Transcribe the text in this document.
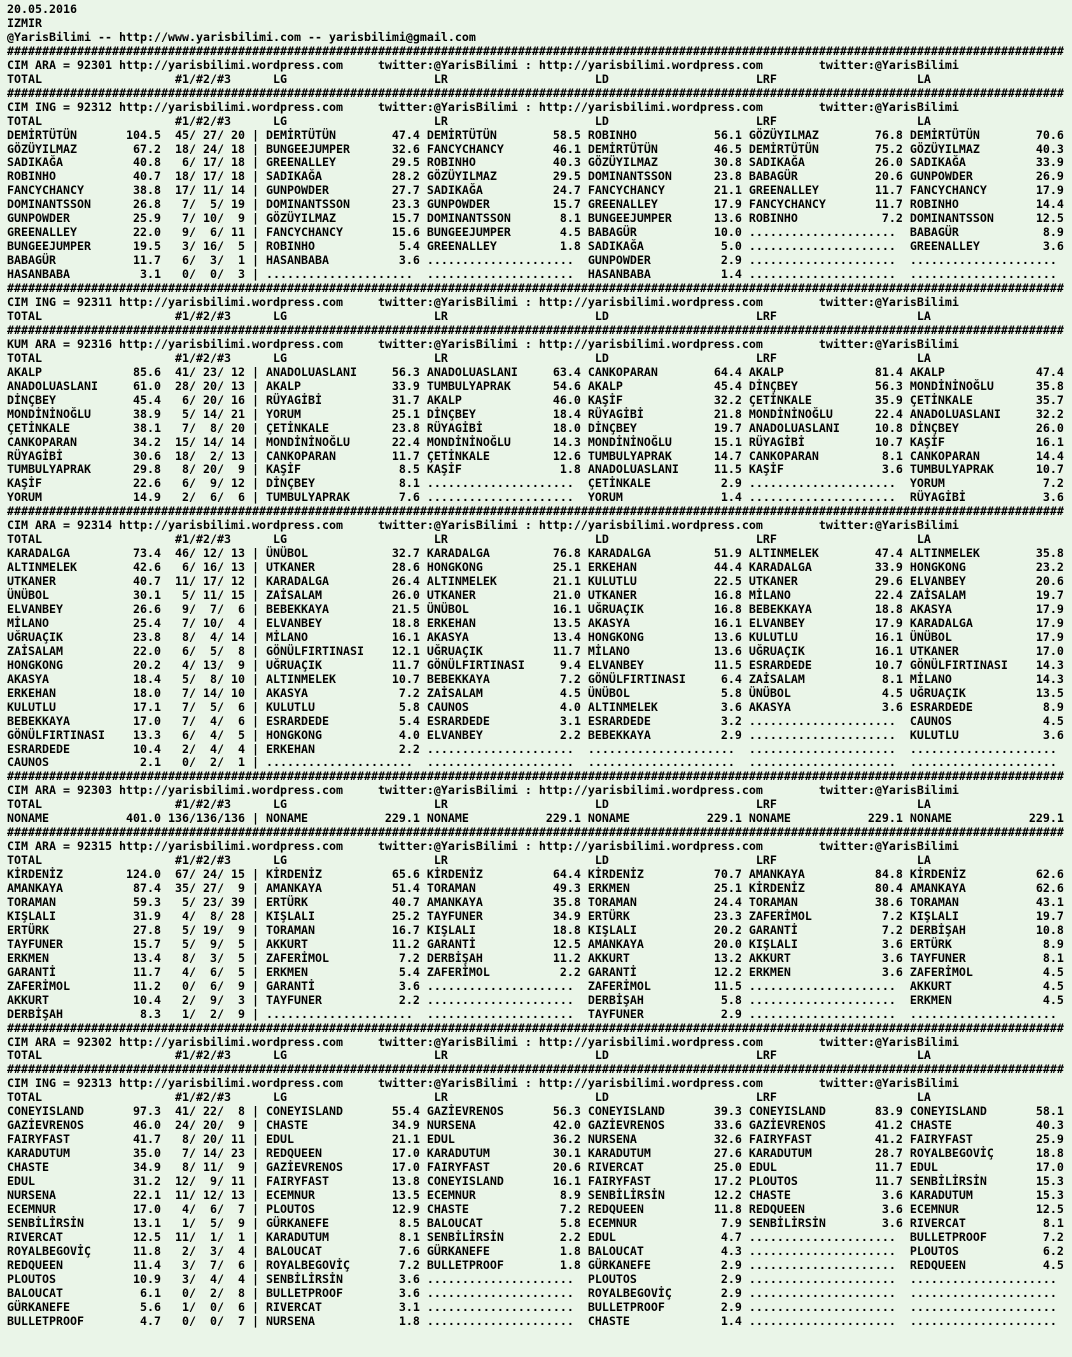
20.05.2016
IZMIR
@YarisBilimi -- http://www.yarisbilimi.com -- yarisbilimi@gmail.com
#######################################################################################################################################################
CIM ARA = 92301 http://yarisbilimi.wordpress.com     twitter:@YarisBilimi : http://yarisbilimi.wordpress.com        twitter:@YarisBilimi
TOTAL                   #1/#2/#3      LG                     LR                     LD                     LRF                    LA
#######################################################################################################################################################
CIM ING = 92312 http://yarisbilimi.wordpress.com     twitter:@YarisBilimi : http://yarisbilimi.wordpress.com        twitter:@YarisBilimi
TOTAL                   #1/#2/#3      LG                     LR                     LD                     LRF                    LA
DEMİRTÜTÜN       104.5  45/ 27/ 20 | DEMİRTÜTÜN        47.4 DEMİRTÜTÜN        58.5 ROBINHO           56.1 GÖZÜYILMAZ        76.8 DEMİRTÜTÜN        70.6
GÖZÜYILMAZ        67.2  18/ 24/ 18 | BUNGEEJUMPER      32.6 FANCYCHANCY       46.1 DEMİRTÜTÜN        46.5 DEMİRTÜTÜN        75.2 GÖZÜYILMAZ        40.3
SADIKAĞA          40.8   6/ 17/ 18 | GREENALLEY        29.5 ROBINHO           40.3 GÖZÜYILMAZ        30.8 SADIKAĞA          26.0 SADIKAĞA          33.9
ROBINHO           40.7  18/ 17/ 18 | SADIKAĞA          28.2 GÖZÜYILMAZ        29.5 DOMINANTSSON      23.8 BABAGÜR           20.6 GUNPOWDER         26.9
FANCYCHANCY       38.8  17/ 11/ 14 | GUNPOWDER         27.7 SADIKAĞA          24.7 FANCYCHANCY       21.1 GREENALLEY        11.7 FANCYCHANCY       17.9
DOMINANTSSON      26.8   7/  5/ 19 | DOMINANTSSON      23.3 GUNPOWDER         15.7 GREENALLEY        17.9 FANCYCHANCY       11.7 ROBINHO           14.4
GUNPOWDER         25.9   7/ 10/  9 | GÖZÜYILMAZ        15.7 DOMINANTSSON       8.1 BUNGEEJUMPER      13.6 ROBINHO            7.2 DOMINANTSSON      12.5
GREENALLEY        22.0   9/  6/ 11 | FANCYCHANCY       15.6 BUNGEEJUMPER       4.5 BABAGÜR           10.0 .....................  BABAGÜR            8.9
BUNGEEJUMPER      19.5   3/ 16/  5 | ROBINHO            5.4 GREENALLEY         1.8 SADIKAĞA           5.0 .....................  GREENALLEY         3.6
BABAGÜR           11.7   6/  3/  1 | HASANBABA          3.6 .....................  GUNPOWDER          2.9 .....................  .....................
HASANBABA          3.1   0/  0/  3 | .....................  .....................  HASANBABA          1.4 .....................  .....................
#######################################################################################################################################################
CIM ING = 92311 http://yarisbilimi.wordpress.com     twitter:@YarisBilimi : http://yarisbilimi.wordpress.com        twitter:@YarisBilimi
TOTAL                   #1/#2/#3      LG                     LR                     LD                     LRF                    LA
#######################################################################################################################################################
KUM ARA = 92316 http://yarisbilimi.wordpress.com     twitter:@YarisBilimi : http://yarisbilimi.wordpress.com        twitter:@YarisBilimi
TOTAL                   #1/#2/#3      LG                     LR                     LD                     LRF                    LA
AKALP             85.6  41/ 23/ 12 | ANADOLUASLANI     56.3 ANADOLUASLANI     63.4 CANKOPARAN        64.4 AKALP             81.4 AKALP             47.4
ANADOLUASLANI     61.0  28/ 20/ 13 | AKALP             33.9 TUMBULYAPRAK      54.6 AKALP             45.4 DİNÇBEY           56.3 MONDİNİNOĞLU      35.8
DİNÇBEY           45.4   6/ 20/ 16 | RÜYAGİBİ          31.7 AKALP             46.0 KAŞİF             32.2 ÇETİNKALE         35.9 ÇETİNKALE         35.7
MONDİNİNOĞLU      38.9   5/ 14/ 21 | YORUM             25.1 DİNÇBEY           18.4 RÜYAGİBİ          21.8 MONDİNİNOĞLU      22.4 ANADOLUASLANI     32.2
ÇETİNKALE         38.1   7/  8/ 20 | ÇETİNKALE         23.8 RÜYAGİBİ          18.0 DİNÇBEY           19.7 ANADOLUASLANI     10.8 DİNÇBEY           26.0
CANKOPARAN        34.2  15/ 14/ 14 | MONDİNİNOĞLU      22.4 MONDİNİNOĞLU      14.3 MONDİNİNOĞLU      15.1 RÜYAGİBİ          10.7 KAŞİF             16.1
RÜYAGİBİ          30.6  18/  2/ 13 | CANKOPARAN        11.7 ÇETİNKALE         12.6 TUMBULYAPRAK      14.7 CANKOPARAN         8.1 CANKOPARAN        14.4
TUMBULYAPRAK      29.8   8/ 20/  9 | KAŞİF              8.5 KAŞİF              1.8 ANADOLUASLANI     11.5 KAŞİF              3.6 TUMBULYAPRAK      10.7
KAŞİF             22.6   6/  9/ 12 | DİNÇBEY            8.1 .....................  ÇETİNKALE          2.9 .....................  YORUM              7.2
YORUM             14.9   2/  6/  6 | TUMBULYAPRAK       7.6 .....................  YORUM              1.4 .....................  RÜYAGİBİ           3.6
#######################################################################################################################################################
CIM ARA = 92314 http://yarisbilimi.wordpress.com     twitter:@YarisBilimi : http://yarisbilimi.wordpress.com        twitter:@YarisBilimi
TOTAL                   #1/#2/#3      LG                     LR                     LD                     LRF                    LA
KARADALGA         73.4  46/ 12/ 13 | ÜNÜBOL            32.7 KARADALGA         76.8 KARADALGA         51.9 ALTINMELEK        47.4 ALTINMELEK        35.8
ALTINMELEK        42.6   6/ 16/ 13 | UTKANER           28.6 HONGKONG          25.1 ERKEHAN           44.4 KARADALGA         33.9 HONGKONG          23.2
UTKANER           40.7  11/ 17/ 12 | KARADALGA         26.4 ALTINMELEK        21.1 KULUTLU           22.5 UTKANER           29.6 ELVANBEY          20.6
ÜNÜBOL            30.1   5/ 11/ 15 | ZAİSALAM          26.0 UTKANER           21.0 UTKANER           16.8 MİLANO            22.4 ZAİSALAM          19.7
ELVANBEY          26.6   9/  7/  6 | BEBEKKAYA         21.5 ÜNÜBOL            16.1 UĞRUAÇIK          16.8 BEBEKKAYA         18.8 AKASYA            17.9
MİLANO            25.4   7/ 10/  4 | ELVANBEY          18.8 ERKEHAN           13.5 AKASYA            16.1 ELVANBEY          17.9 KARADALGA         17.9
UĞRUAÇIK          23.8   8/  4/ 14 | MİLANO            16.1 AKASYA            13.4 HONGKONG          13.6 KULUTLU           16.1 ÜNÜBOL            17.9
ZAİSALAM          22.0   6/  5/  8 | GÖNÜLFIRTINASI    12.1 UĞRUAÇIK          11.7 MİLANO            13.6 UĞRUAÇIK          16.1 UTKANER           17.0
HONGKONG          20.2   4/ 13/  9 | UĞRUAÇIK          11.7 GÖNÜLFIRTINASI     9.4 ELVANBEY          11.5 ESRARDEDE         10.7 GÖNÜLFIRTINASI    14.3
AKASYA            18.4   5/  8/ 10 | ALTINMELEK        10.7 BEBEKKAYA          7.2 GÖNÜLFIRTINASI     6.4 ZAİSALAM           8.1 MİLANO            14.3
ERKEHAN           18.0   7/ 14/ 10 | AKASYA             7.2 ZAİSALAM           4.5 ÜNÜBOL             5.8 ÜNÜBOL             4.5 UĞRUAÇIK          13.5
KULUTLU           17.1   7/  5/  6 | KULUTLU            5.8 CAUNOS             4.0 ALTINMELEK         3.6 AKASYA             3.6 ESRARDEDE          8.9
BEBEKKAYA         17.0   7/  4/  6 | ESRARDEDE          5.4 ESRARDEDE          3.1 ESRARDEDE          3.2 .....................  CAUNOS             4.5
GÖNÜLFIRTINASI    13.3   6/  4/  5 | HONGKONG           4.0 ELVANBEY           2.2 BEBEKKAYA          2.9 .....................  KULUTLU            3.6
ESRARDEDE         10.4   2/  4/  4 | ERKEHAN            2.2 .....................  .....................  .....................  .....................
CAUNOS             2.1   0/  2/  1 | .....................  .....................  .....................  .....................  .....................
#######################################################################################################################################################
CIM ARA = 92303 http://yarisbilimi.wordpress.com     twitter:@YarisBilimi : http://yarisbilimi.wordpress.com        twitter:@YarisBilimi
TOTAL                   #1/#2/#3      LG                     LR                     LD                     LRF                    LA
NONAME           401.0 136/136/136 | NONAME           229.1 NONAME           229.1 NONAME           229.1 NONAME           229.1 NONAME           229.1
#######################################################################################################################################################
CIM ARA = 92315 http://yarisbilimi.wordpress.com     twitter:@YarisBilimi : http://yarisbilimi.wordpress.com        twitter:@YarisBilimi
TOTAL                   #1/#2/#3      LG                     LR                     LD                     LRF                    LA
KİRDENİZ         124.0  67/ 24/ 15 | KİRDENİZ          65.6 KİRDENİZ          64.4 KİRDENİZ          70.7 AMANKAYA          84.8 KİRDENİZ          62.6
AMANKAYA          87.4  35/ 27/  9 | AMANKAYA          51.4 TORAMAN           49.3 ERKMEN            25.1 KİRDENİZ          80.4 AMANKAYA          62.6
TORAMAN           59.3   5/ 23/ 39 | ERTÜRK            40.7 AMANKAYA          35.8 TORAMAN           24.4 TORAMAN           38.6 TORAMAN           43.1
KIŞLALI           31.9   4/  8/ 28 | KIŞLALI           25.2 TAYFUNER          34.9 ERTÜRK            23.3 ZAFERİMOL          7.2 KIŞLALI           19.7
ERTÜRK            27.8   5/ 19/  9 | TORAMAN           16.7 KIŞLALI           18.8 KIŞLALI           20.2 GARANTİ            7.2 DERBİŞAH          10.8
TAYFUNER          15.7   5/  9/  5 | AKKURT            11.2 GARANTİ           12.5 AMANKAYA          20.0 KIŞLALI            3.6 ERTÜRK             8.9
ERKMEN            13.4   8/  3/  5 | ZAFERİMOL          7.2 DERBİŞAH          11.2 AKKURT            13.2 AKKURT             3.6 TAYFUNER           8.1
GARANTİ           11.7   4/  6/  5 | ERKMEN             5.4 ZAFERİMOL          2.2 GARANTİ           12.2 ERKMEN             3.6 ZAFERİMOL          4.5
ZAFERİMOL         11.2   0/  6/  9 | GARANTİ            3.6 .....................  ZAFERİMOL         11.5 .....................  AKKURT             4.5
AKKURT            10.4   2/  9/  3 | TAYFUNER           2.2 .....................  DERBİŞAH           5.8 .....................  ERKMEN             4.5
DERBİŞAH           8.3   1/  2/  9 | .....................  .....................  TAYFUNER           2.9 .....................  .....................
#######################################################################################################################################################
CIM ARA = 92302 http://yarisbilimi.wordpress.com     twitter:@YarisBilimi : http://yarisbilimi.wordpress.com        twitter:@YarisBilimi
TOTAL                   #1/#2/#3      LG                     LR                     LD                     LRF                    LA
#######################################################################################################################################################
CIM ING = 92313 http://yarisbilimi.wordpress.com     twitter:@YarisBilimi : http://yarisbilimi.wordpress.com        twitter:@YarisBilimi
TOTAL                   #1/#2/#3      LG                     LR                     LD                     LRF                    LA
CONEYISLAND       97.3  41/ 22/  8 | CONEYISLAND       55.4 GAZİEVRENOS       56.3 CONEYISLAND       39.3 CONEYISLAND       83.9 CONEYISLAND       58.1
GAZİEVRENOS       46.0  24/ 20/  9 | CHASTE            34.9 NURSENA           42.0 GAZİEVRENOS       33.6 GAZİEVRENOS       41.2 CHASTE            40.3
FAIRYFAST         41.7   8/ 20/ 11 | EDUL              21.1 EDUL              36.2 NURSENA           32.6 FAIRYFAST         41.2 FAIRYFAST         25.9
KARADUTUM         35.0   7/ 14/ 23 | REDQUEEN          17.0 KARADUTUM         30.1 KARADUTUM         27.6 KARADUTUM         28.7 ROYALBEGOVİÇ      18.8
CHASTE            34.9   8/ 11/  9 | GAZİEVRENOS       17.0 FAIRYFAST         20.6 RIVERCAT          25.0 EDUL              11.7 EDUL              17.0
EDUL              31.2  12/  9/ 11 | FAIRYFAST         13.8 CONEYISLAND       16.1 FAIRYFAST         17.2 PLOUTOS           11.7 SENBİLİRSİN       15.3
NURSENA           22.1  11/ 12/ 13 | ECEMNUR           13.5 ECEMNUR            8.9 SENBİLİRSİN       12.2 CHASTE             3.6 KARADUTUM         15.3
ECEMNUR           17.0   4/  6/  7 | PLOUTOS           12.9 CHASTE             7.2 REDQUEEN          11.8 REDQUEEN           3.6 ECEMNUR           12.5
SENBİLİRSİN       13.1   1/  5/  9 | GÜRKANEFE          8.5 BALOUCAT           5.8 ECEMNUR            7.9 SENBİLİRSİN        3.6 RIVERCAT           8.1
RIVERCAT          12.5  11/  1/  1 | KARADUTUM          8.1 SENBİLİRSİN        2.2 EDUL               4.7 .....................  BULLETPROOF        7.2
ROYALBEGOVİÇ      11.8   2/  3/  4 | BALOUCAT           7.6 GÜRKANEFE          1.8 BALOUCAT           4.3 .....................  PLOUTOS            6.2
REDQUEEN          11.4   3/  7/  6 | ROYALBEGOVİÇ       7.2 BULLETPROOF        1.8 GÜRKANEFE          2.9 .....................  REDQUEEN           4.5
PLOUTOS           10.9   3/  4/  4 | SENBİLİRSİN        3.6 .....................  PLOUTOS            2.9 .....................  .....................
BALOUCAT           6.1   0/  2/  8 | BULLETPROOF        3.6 .....................  ROYALBEGOVİÇ       2.9 .....................  .....................
GÜRKANEFE          5.6   1/  0/  6 | RIVERCAT           3.1 .....................  BULLETPROOF        2.9 .....................  .....................
BULLETPROOF        4.7   0/  0/  7 | NURSENA            1.8 .....................  CHASTE             1.4 .....................  .....................
